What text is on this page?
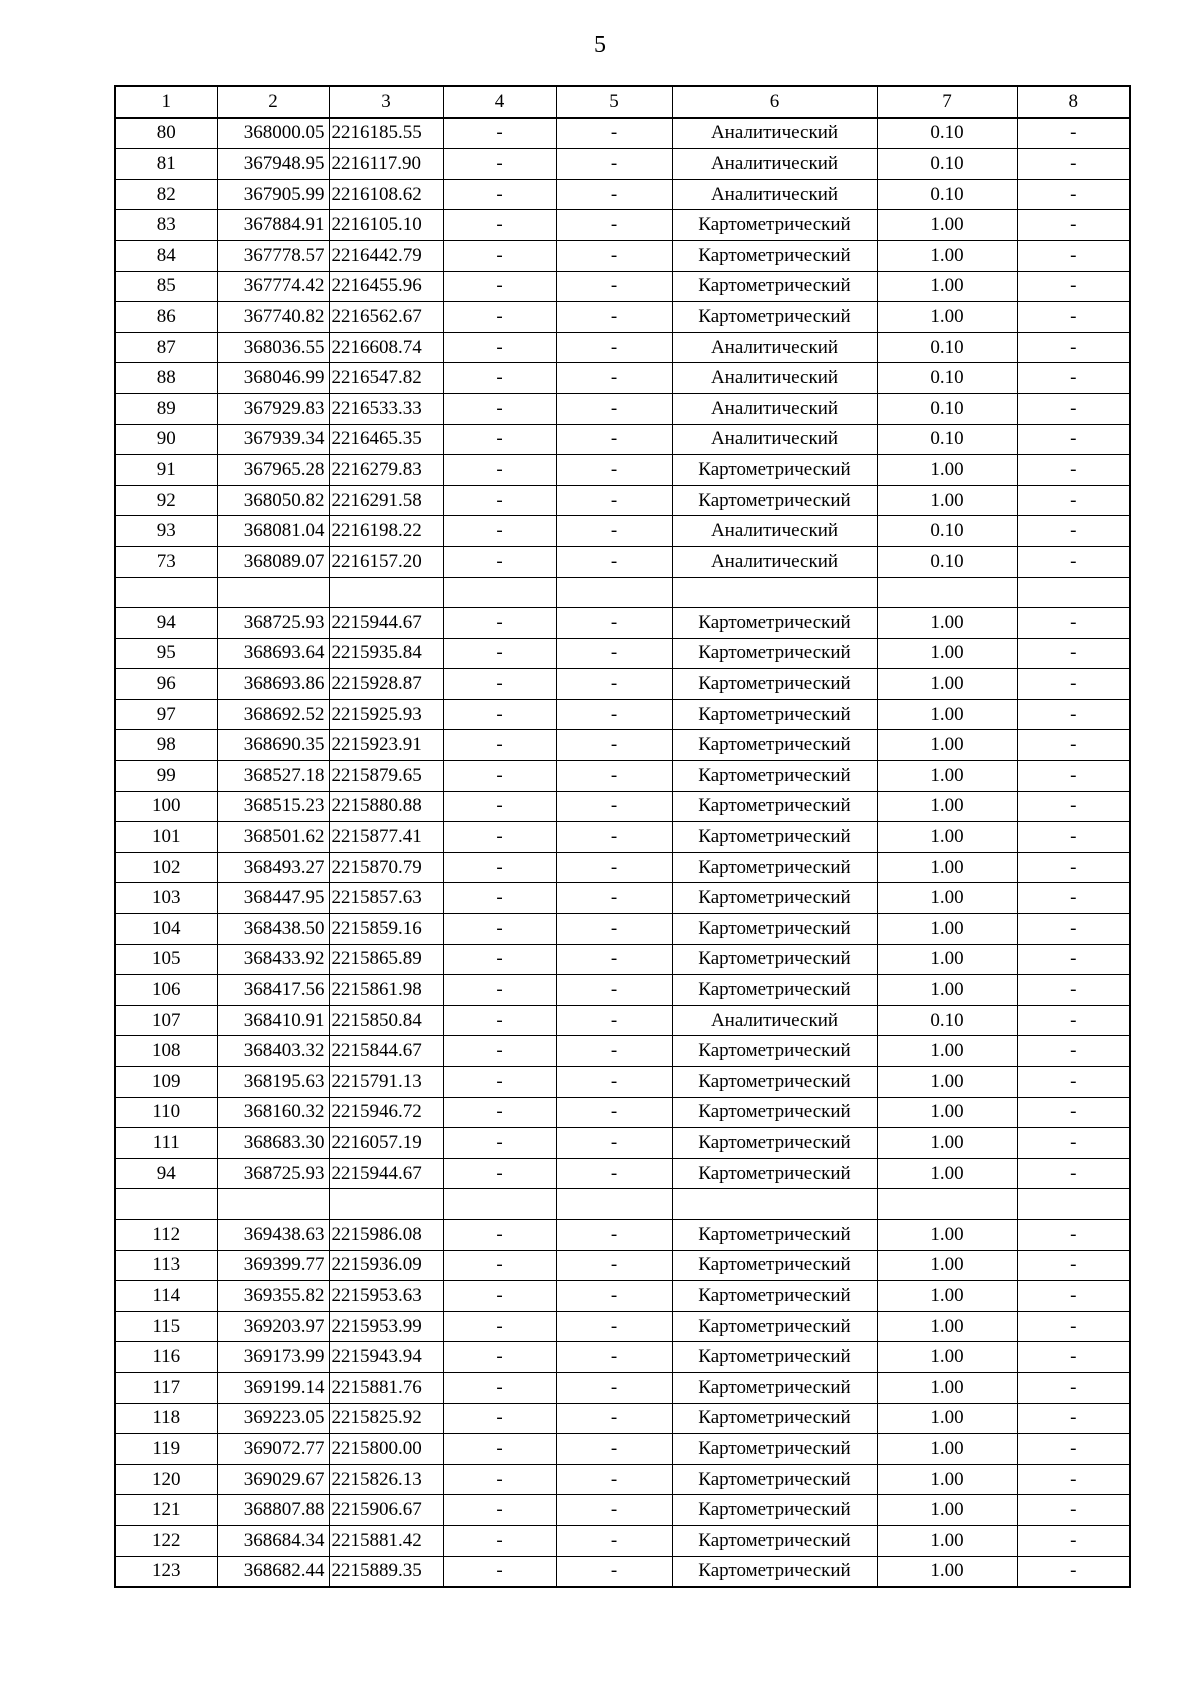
5
1	2	3	4	5	6	7	8
80	368000.05	2216185.55	-	-	Аналитический	0.10	-
81	367948.95	2216117.90	-	-	Аналитический	0.10	-
82	367905.99	2216108.62	-	-	Аналитический	0.10	-
83	367884.91	2216105.10	-	-	Картометрический	1.00	-
84	367778.57	2216442.79	-	-	Картометрический	1.00	-
85	367774.42	2216455.96	-	-	Картометрический	1.00	-
86	367740.82	2216562.67	-	-	Картометрический	1.00	-
87	368036.55	2216608.74	-	-	Аналитический	0.10	-
88	368046.99	2216547.82	-	-	Аналитический	0.10	-
89	367929.83	2216533.33	-	-	Аналитический	0.10	-
90	367939.34	2216465.35	-	-	Аналитический	0.10	-
91	367965.28	2216279.83	-	-	Картометрический	1.00	-
92	368050.82	2216291.58	-	-	Картометрический	1.00	-
93	368081.04	2216198.22	-	-	Аналитический	0.10	-
73	368089.07	2216157.20	-	-	Аналитический	0.10	-

94	368725.93	2215944.67	-	-	Картометрический	1.00	-
95	368693.64	2215935.84	-	-	Картометрический	1.00	-
96	368693.86	2215928.87	-	-	Картометрический	1.00	-
97	368692.52	2215925.93	-	-	Картометрический	1.00	-
98	368690.35	2215923.91	-	-	Картометрический	1.00	-
99	368527.18	2215879.65	-	-	Картометрический	1.00	-
100	368515.23	2215880.88	-	-	Картометрический	1.00	-
101	368501.62	2215877.41	-	-	Картометрический	1.00	-
102	368493.27	2215870.79	-	-	Картометрический	1.00	-
103	368447.95	2215857.63	-	-	Картометрический	1.00	-
104	368438.50	2215859.16	-	-	Картометрический	1.00	-
105	368433.92	2215865.89	-	-	Картометрический	1.00	-
106	368417.56	2215861.98	-	-	Картометрический	1.00	-
107	368410.91	2215850.84	-	-	Аналитический	0.10	-
108	368403.32	2215844.67	-	-	Картометрический	1.00	-
109	368195.63	2215791.13	-	-	Картометрический	1.00	-
110	368160.32	2215946.72	-	-	Картометрический	1.00	-
111	368683.30	2216057.19	-	-	Картометрический	1.00	-
94	368725.93	2215944.67	-	-	Картометрический	1.00	-

112	369438.63	2215986.08	-	-	Картометрический	1.00	-
113	369399.77	2215936.09	-	-	Картометрический	1.00	-
114	369355.82	2215953.63	-	-	Картометрический	1.00	-
115	369203.97	2215953.99	-	-	Картометрический	1.00	-
116	369173.99	2215943.94	-	-	Картометрический	1.00	-
117	369199.14	2215881.76	-	-	Картометрический	1.00	-
118	369223.05	2215825.92	-	-	Картометрический	1.00	-
119	369072.77	2215800.00	-	-	Картометрический	1.00	-
120	369029.67	2215826.13	-	-	Картометрический	1.00	-
121	368807.88	2215906.67	-	-	Картометрический	1.00	-
122	368684.34	2215881.42	-	-	Картометрический	1.00	-
123	368682.44	2215889.35	-	-	Картометрический	1.00	-
